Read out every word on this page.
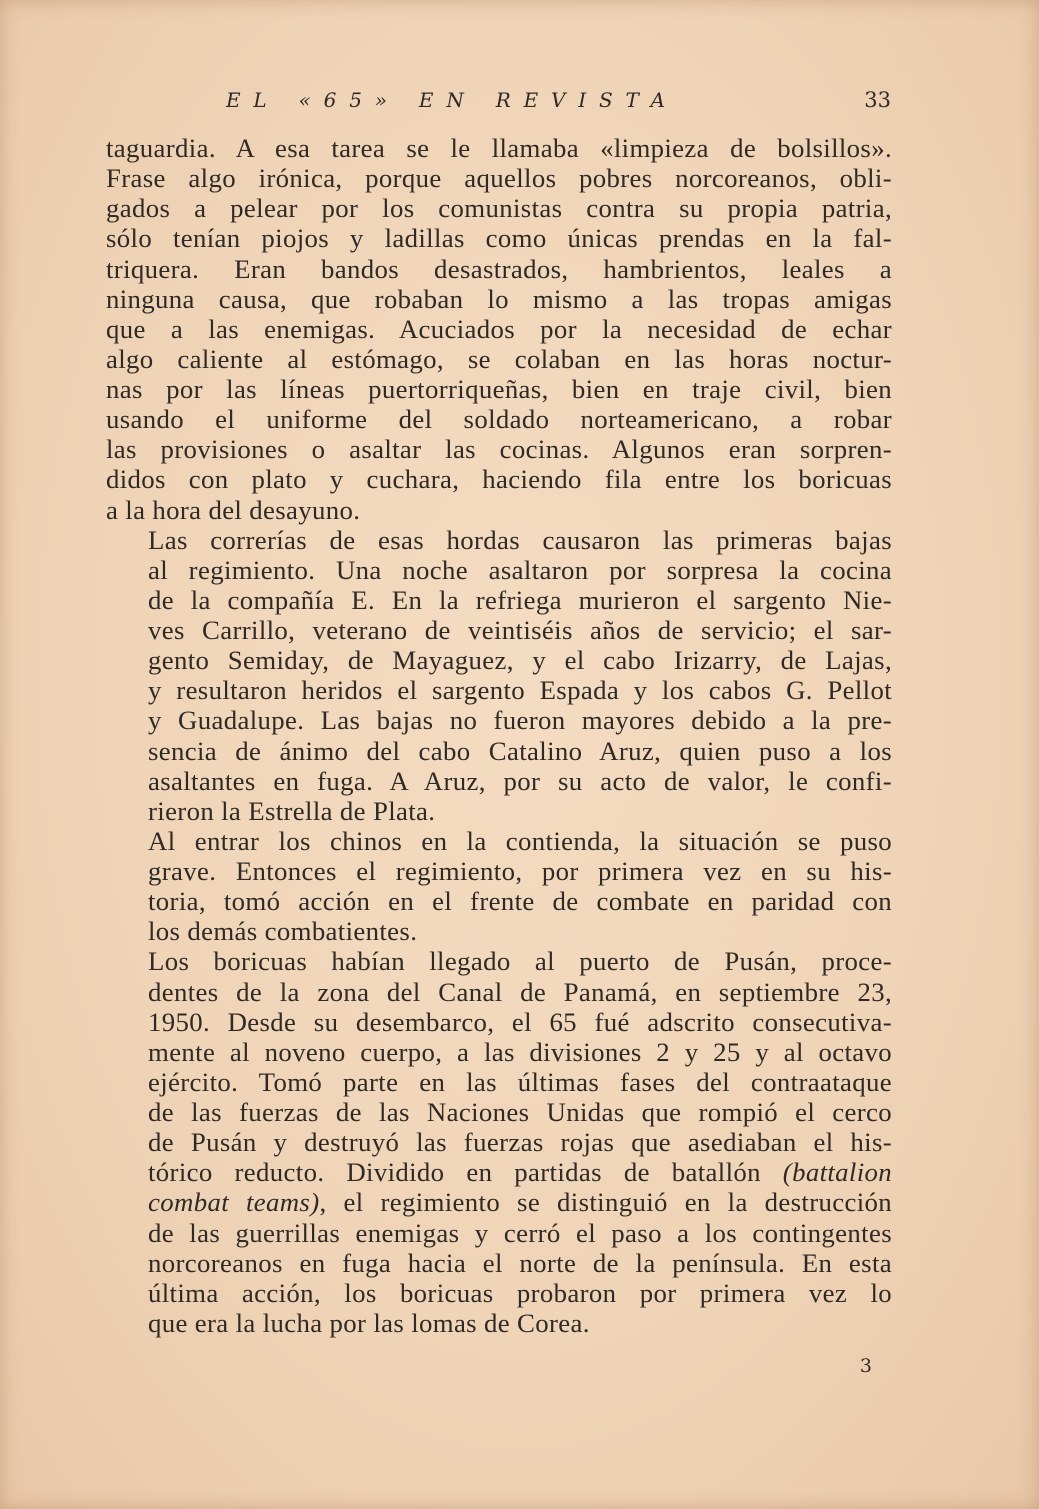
EL «65» EN REVISTA	33
taguardia. A esa tarea se le llamaba «limpieza de bolsillos».
Frase algo irónica, porque aquellos pobres norcoreanos, obli-
gados a pelear por los comunistas contra su propia patria,
sólo tenían piojos y ladillas como únicas prendas en la fal-
triquera. Eran bandos desastrados, hambrientos, leales a
ninguna causa, que robaban lo mismo a las tropas amigas
que a las enemigas. Acuciados por la necesidad de echar
algo caliente al estómago, se colaban en las horas noctur-
nas por las líneas puertorriqueñas, bien en traje civil, bien
usando el uniforme del soldado norteamericano, a robar
las provisiones o asaltar las cocinas. Algunos eran sorpren-
didos con plato y cuchara, haciendo fila entre los boricuas
a la hora del desayuno.
Las correrías de esas hordas causaron las primeras bajas
al regimiento. Una noche asaltaron por sorpresa la cocina
de la compañía E. En la refriega murieron el sargento Nie-
ves Carrillo, veterano de veintiséis años de servicio; el sar-
gento Semiday, de Mayaguez, y el cabo Irizarry, de Lajas,
y resultaron heridos el sargento Espada y los cabos G. Pellot
y Guadalupe. Las bajas no fueron mayores debido a la pre-
sencia de ánimo del cabo Catalino Aruz, quien puso a los
asaltantes en fuga. A Aruz, por su acto de valor, le confi-
rieron la Estrella de Plata.
Al entrar los chinos en la contienda, la situación se puso
grave. Entonces el regimiento, por primera vez en su his-
toria, tomó acción en el frente de combate en paridad con
los demás combatientes.
Los boricuas habían llegado al puerto de Pusán, proce-
dentes de la zona del Canal de Panamá, en septiembre 23,
1950. Desde su desembarco, el 65 fué adscrito consecutiva-
mente al noveno cuerpo, a las divisiones 2 y 25 y al octavo
ejército. Tomó parte en las últimas fases del contraataque
de las fuerzas de las Naciones Unidas que rompió el cerco
de Pusán y destruyó las fuerzas rojas que asediaban el his-
tórico reducto. Dividido en partidas de batallón (battalion
combat teams), el regimiento se distinguió en la destrucción
de las guerrillas enemigas y cerró el paso a los contingentes
norcoreanos en fuga hacia el norte de la península. En esta
última acción, los boricuas probaron por primera vez lo
que era la lucha por las lomas de Corea.
3
